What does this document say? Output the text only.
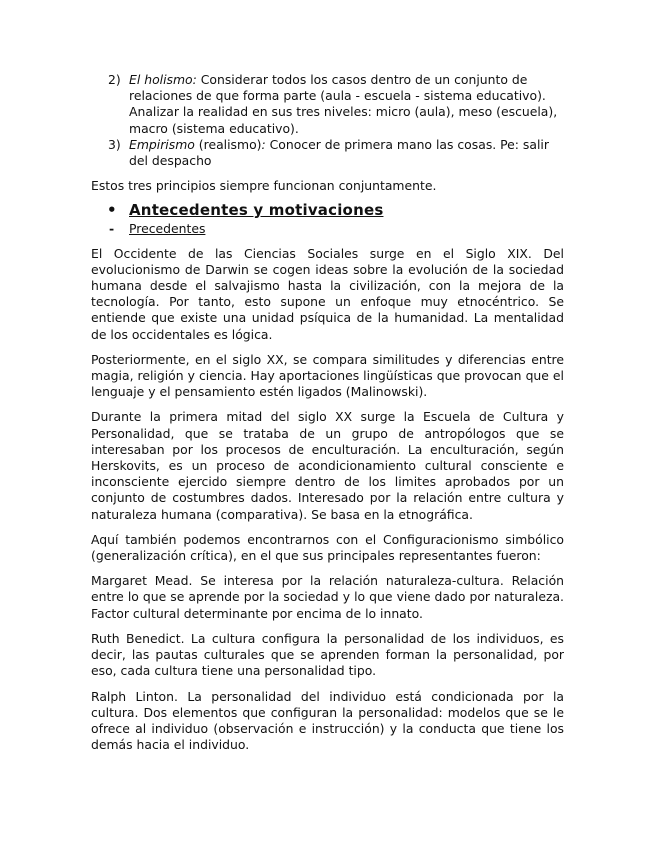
2) El holismo: Considerar todos los casos dentro de un conjunto de relaciones de que forma parte (aula - escuela - sistema educativo). Analizar la realidad en sus tres niveles: micro (aula), meso (escuela), macro (sistema educativo).
3) Empirismo (realismo): Conocer de primera mano las cosas. Pe: salir del despacho

Estos tres principios siempre funcionan conjuntamente.

• Antecedentes y motivaciones
- Precedentes

El Occidente de las Ciencias Sociales surge en el Siglo XIX. Del evolucionismo de Darwin se cogen ideas sobre la evolución de la sociedad humana desde el salvajismo hasta la civilización, con la mejora de la tecnología. Por tanto, esto supone un enfoque muy etnocéntrico. Se entiende que existe una unidad psíquica de la humanidad. La mentalidad de los occidentales es lógica.

Posteriormente, en el siglo XX, se compara similitudes y diferencias entre magia, religión y ciencia. Hay aportaciones lingüísticas que provocan que el lenguaje y el pensamiento estén ligados (Malinowski).

Durante la primera mitad del siglo XX surge la Escuela de Cultura y Personalidad, que se trataba de un grupo de antropólogos que se interesaban por los procesos de enculturación. La enculturación, según Herskovits, es un proceso de acondicionamiento cultural consciente e inconsciente ejercido siempre dentro de los limites aprobados por un conjunto de costumbres dados. Interesado por la relación entre cultura y naturaleza humana (comparativa). Se basa en la etnográfica.

Aquí también podemos encontrarnos con el Configuracionismo simbólico (generalización crítica), en el que sus principales representantes fueron:

Margaret Mead. Se interesa por la relación naturaleza-cultura. Relación entre lo que se aprende por la sociedad y lo que viene dado por naturaleza. Factor cultural determinante por encima de lo innato.

Ruth Benedict. La cultura configura la personalidad de los individuos, es decir, las pautas culturales que se aprenden forman la personalidad, por eso, cada cultura tiene una personalidad tipo.

Ralph Linton. La personalidad del individuo está condicionada por la cultura. Dos elementos que configuran la personalidad: modelos que se le ofrece al individuo (observación e instrucción) y la conducta que tiene los demás hacia el individuo.
